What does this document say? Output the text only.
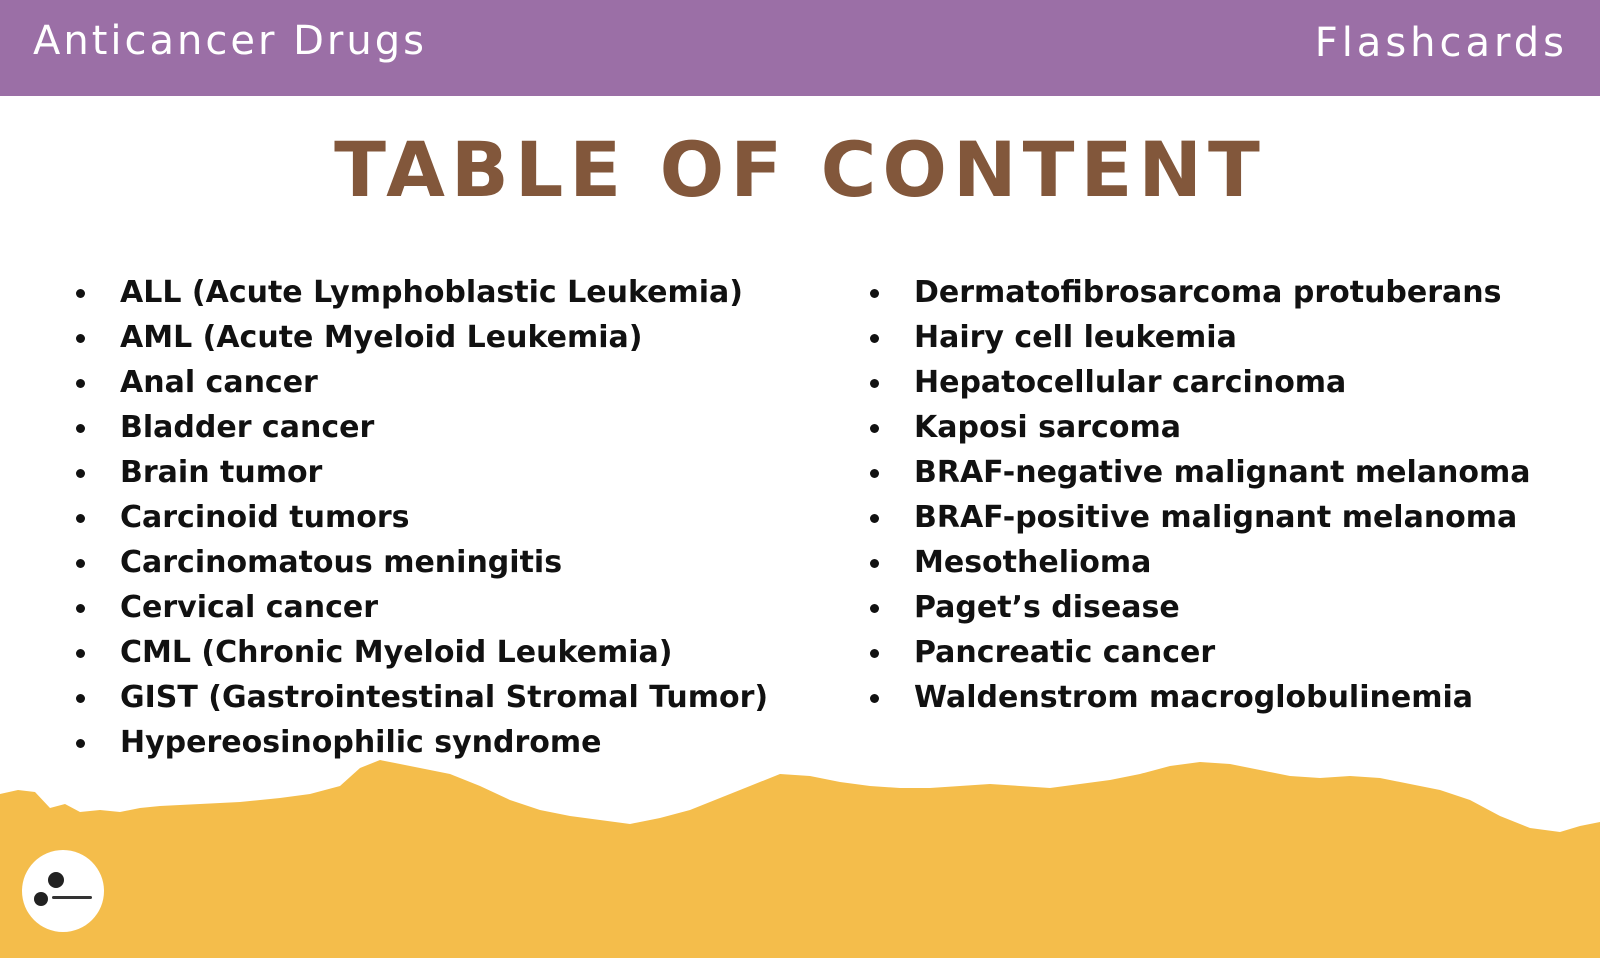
Anticancer Drugs	Flashcards
TABLE OF CONTENT
ALL (Acute Lymphoblastic Leukemia)
AML (Acute Myeloid Leukemia)
Anal cancer
Bladder cancer
Brain tumor
Carcinoid tumors
Carcinomatous meningitis
Cervical cancer
CML (Chronic Myeloid Leukemia)
GIST (Gastrointestinal Stromal Tumor)
Hypereosinophilic syndrome
Dermatofibrosarcoma protuberans
Hairy cell leukemia
Hepatocellular carcinoma
Kaposi sarcoma
BRAF-negative malignant melanoma
BRAF-positive malignant melanoma
Mesothelioma
Paget’s disease
Pancreatic cancer
Waldenstrom macroglobulinemia
